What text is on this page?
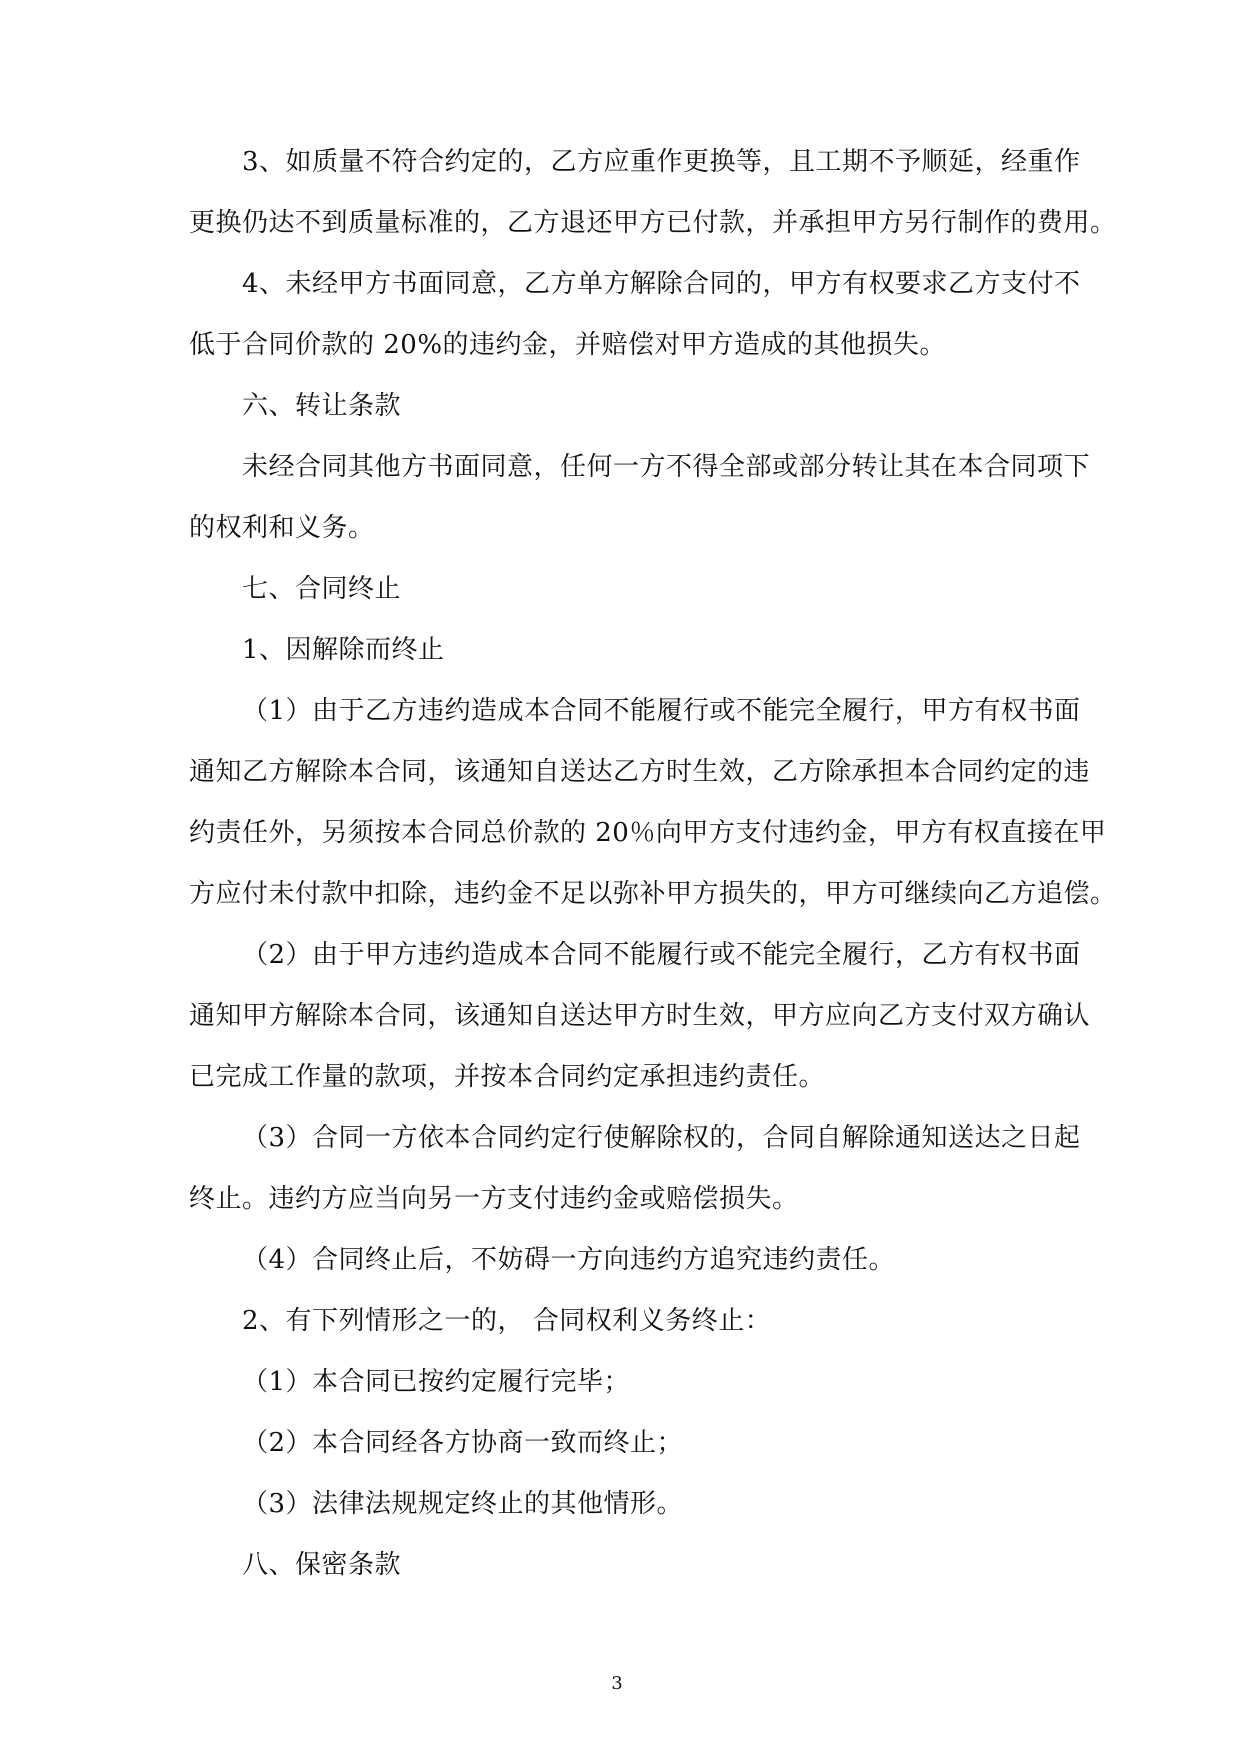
3、如质量不符合约定的，乙方应重作更换等，且工期不予顺延，经重作
更换仍达不到质量标准的，乙方退还甲方已付款，并承担甲方另行制作的费用。
4、未经甲方书面同意，乙方单方解除合同的，甲方有权要求乙方支付不
低于合同价款的 20%的违约金，并赔偿对甲方造成的其他损失。
六、转让条款
未经合同其他方书面同意，任何一方不得全部或部分转让其在本合同项下
的权利和义务。
七、合同终止
1、因解除而终止
（1）由于乙方违约造成本合同不能履行或不能完全履行，甲方有权书面
通知乙方解除本合同，该通知自送达乙方时生效，乙方除承担本合同约定的违
约责任外，另须按本合同总价款的 20％向甲方支付违约金，甲方有权直接在甲
方应付未付款中扣除，违约金不足以弥补甲方损失的，甲方可继续向乙方追偿。
（2）由于甲方违约造成本合同不能履行或不能完全履行，乙方有权书面
通知甲方解除本合同，该通知自送达甲方时生效，甲方应向乙方支付双方确认
已完成工作量的款项，并按本合同约定承担违约责任。
（3）合同一方依本合同约定行使解除权的，合同自解除通知送达之日起
终止。违约方应当向另一方支付违约金或赔偿损失。
（4）合同终止后，不妨碍一方向违约方追究违约责任。
2、有下列情形之一的， 合同权利义务终止：
（1）本合同已按约定履行完毕；
（2）本合同经各方协商一致而终止；
（3）法律法规规定终止的其他情形。
八、保密条款
3
